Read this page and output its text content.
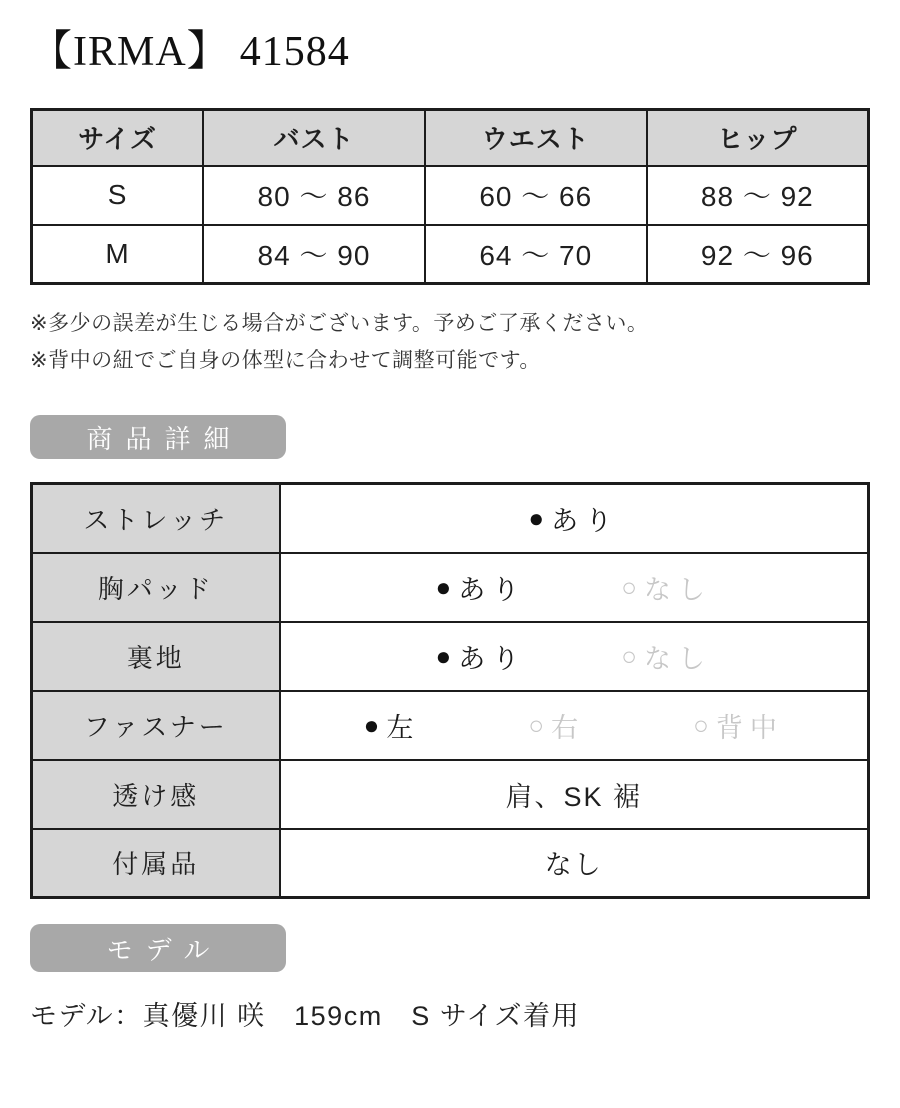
【IRMA】 41584
サイズ	バスト	ウエスト	ヒップ
S	80 〜 86	60 〜 66	88 〜 92
M	84 〜 90	64 〜 70	92 〜 96

※多少の誤差が生じる場合がございます。予めご了承ください。

※背中の紐でご自身の体型に合わせて調整可能です。

商品詳細
ストレッチ	● あり

胸パッド	● あり ○ なし

裏地	● あり ○ なし

ファスナー	● 左	○ 右	○ 背中

透け感	肩、SK 裾
付属品	なし
モデル

モデル：真優川 咲　159cm　S サイズ着用
